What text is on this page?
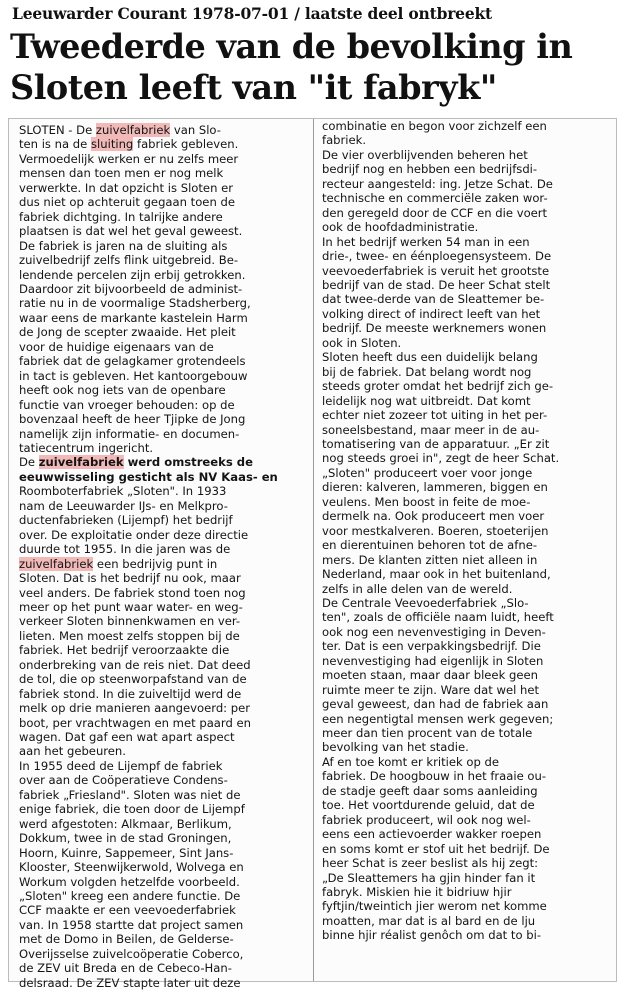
Leeuwarder Courant 1978-07-01 / laatste deel ontbreekt
Tweederde van de bevolking in
Sloten leeft van "it fabryk"
SLOTEN - De zuivelfabriek van Slo-
ten is na de sluiting fabriek gebleven.
Vermoedelijk werken er nu zelfs meer
mensen dan toen men er nog melk
verwerkte. In dat opzicht is Sloten er
dus niet op achteruit gegaan toen de
fabriek dichtging. In talrijke andere
plaatsen is dat wel het geval geweest.
De fabriek is jaren na de sluiting als
zuivelbedrijf zelfs flink uitgebreid. Be-
lendende percelen zijn erbij getrokken.
Daardoor zit bijvoorbeeld de administ-
ratie nu in de voormalige Stadsherberg,
waar eens de markante kastelein Harm
de Jong de scepter zwaaide. Het pleit
voor de huidige eigenaars van de
fabriek dat de gelagkamer grotendeels
in tact is gebleven. Het kantoorgebouw
heeft ook nog iets van de openbare
functie van vroeger behouden: op de
bovenzaal heeft de heer Tjipke de Jong
namelijk zijn informatie- en documen-
tatiecentrum ingericht.
De zuivelfabriek werd omstreeks de
eeuwwisseling gesticht als NV Kaas- en
Roomboterfabriek „Sloten". In 1933
nam de Leeuwarder IJs- en Melkpro-
ductenfabrieken (Lijempf) het bedrijf
over. De exploitatie onder deze directie
duurde tot 1955. In die jaren was de
zuivelfabriek een bedrijvig punt in
Sloten. Dat is het bedrijf nu ook, maar
veel anders. De fabriek stond toen nog
meer op het punt waar water- en weg-
verkeer Sloten binnenkwamen en ver-
lieten. Men moest zelfs stoppen bij de
fabriek. Het bedrijf veroorzaakte die
onderbreking van de reis niet. Dat deed
de tol, die op steenworpafstand van de
fabriek stond. In die zuiveltijd werd de
melk op drie manieren aangevoerd: per
boot, per vrachtwagen en met paard en
wagen. Dat gaf een wat apart aspect
aan het gebeuren.
In 1955 deed de Lijempf de fabriek
over aan de Coöperatieve Condens-
fabriek „Friesland". Sloten was niet de
enige fabriek, die toen door de Lijempf
werd afgestoten: Alkmaar, Berlikum,
Dokkum, twee in de stad Groningen,
Hoorn, Kuinre, Sappemeer, Sint Jans-
Klooster, Steenwijkerwold, Wolvega en
Workum volgden hetzelfde voorbeeld.
„Sloten" kreeg een andere functie. De
CCF maakte er een veevoederfabriek
van. In 1958 startte dat project samen
met de Domo in Beilen, de Gelderse-
Overijsselse zuivelcoöperatie Coberco,
de ZEV uit Breda en de Cebeco-Han-
delsraad. De ZEV stapte later uit deze
combinatie en begon voor zichzelf een
fabriek.
De vier overblijvenden beheren het
bedrijf nog en hebben een bedrijfsdi-
recteur aangesteld: ing. Jetze Schat. De
technische en commerciële zaken wor-
den geregeld door de CCF en die voert
ook de hoofdadministratie.
In het bedrijf werken 54 man in een
drie-, twee- en éénploegensysteem. De
veevoederfabriek is veruit het grootste
bedrijf van de stad. De heer Schat stelt
dat twee-derde van de Sleattemer be-
volking direct of indirect leeft van het
bedrijf. De meeste werknemers wonen
ook in Sloten.
Sloten heeft dus een duidelijk belang
bij de fabriek. Dat belang wordt nog
steeds groter omdat het bedrijf zich ge-
leidelijk nog wat uitbreidt. Dat komt
echter niet zozeer tot uiting in het per-
soneelsbestand, maar meer in de au-
tomatisering van de apparatuur. „Er zit
nog steeds groei in", zegt de heer Schat.
„Sloten" produceert voer voor jonge
dieren: kalveren, lammeren, biggen en
veulens. Men boost in feite de moe-
dermelk na. Ook produceert men voer
voor mestkalveren. Boeren, stoeterijen
en dierentuinen behoren tot de afne-
mers. De klanten zitten niet alleen in
Nederland, maar ook in het buitenland,
zelfs in alle delen van de wereld.
De Centrale Veevoederfabriek „Slo-
ten", zoals de officiële naam luidt, heeft
ook nog een nevenvestiging in Deven-
ter. Dat is een verpakkingsbedrijf. Die
nevenvestiging had eigenlijk in Sloten
moeten staan, maar daar bleek geen
ruimte meer te zijn. Ware dat wel het
geval geweest, dan had de fabriek aan
een negentigtal mensen werk gegeven;
meer dan tien procent van de totale
bevolking van het stadie.
Af en toe komt er kritiek op de
fabriek. De hoogbouw in het fraaie ou-
de stadje geeft daar soms aanleiding
toe. Het voortdurende geluid, dat de
fabriek produceert, wil ook nog wel-
eens een actievoerder wakker roepen
en soms komt er stof uit het bedrijf. De
heer Schat is zeer beslist als hij zegt:
„De Sleattemers ha gjin hinder fan it
fabryk. Miskien hie it bidriuw hjir
fyftjin/tweintich jier werom net komme
moatten, mar dat is al bard en de lju
binne hjir réalist genôch om dat to bi-
